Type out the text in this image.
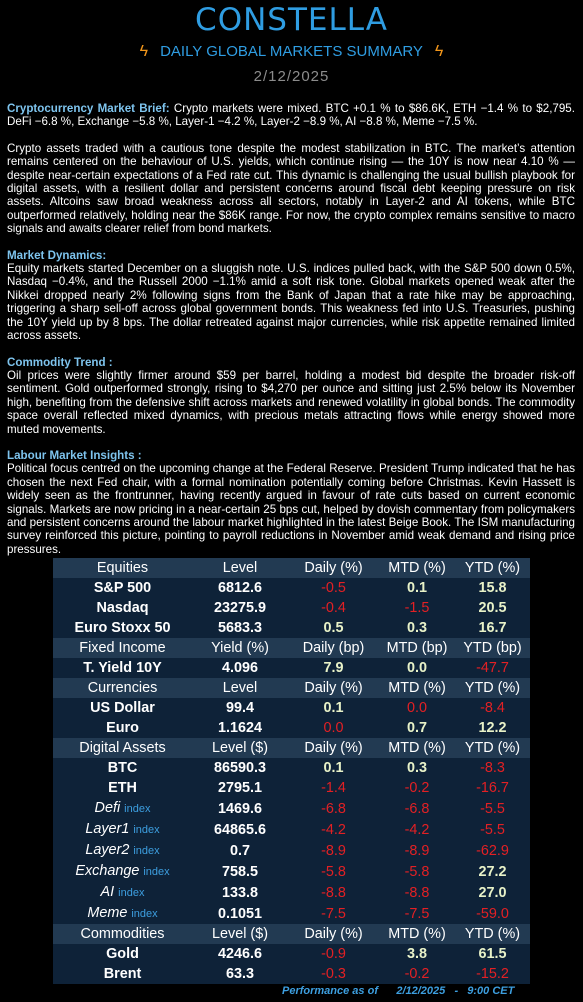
CONSTELLA
ϟ DAILY GLOBAL MARKETS SUMMARY ϟ
2/12/2025
Cryptocurrency Market Brief: Crypto markets were mixed. BTC +0.1 % to $86.6K, ETH −1.4 % to $2,795. DeFi −6.8 %, Exchange −5.8 %, Layer-1 −4.2 %, Layer-2 −8.9 %, AI −8.8 %, Meme −7.5 %.
Crypto assets traded with a cautious tone despite the modest stabilization in BTC. The market’s attention remains centered on the behaviour of U.S. yields, which continue rising — the 10Y is now near 4.10 % — despite near-certain expectations of a Fed rate cut. This dynamic is challenging the usual bullish playbook for digital assets, with a resilient dollar and persistent concerns around fiscal debt keeping pressure on risk assets. Altcoins saw broad weakness across all sectors, notably in Layer-2 and AI tokens, while BTC outperformed relatively, holding near the $86K range. For now, the crypto complex remains sensitive to macro signals and awaits clearer relief from bond markets.
Market Dynamics:
Equity markets started December on a sluggish note. U.S. indices pulled back, with the S&P 500 down 0.5%, Nasdaq −0.4%, and the Russell 2000 −1.1% amid a soft risk tone. Global markets opened weak after the Nikkei dropped nearly 2% following signs from the Bank of Japan that a rate hike may be approaching, triggering a sharp sell-off across global government bonds. This weakness fed into U.S. Treasuries, pushing the 10Y yield up by 8 bps. The dollar retreated against major currencies, while risk appetite remained limited across assets.
Commodity Trend :
Oil prices were slightly firmer around $59 per barrel, holding a modest bid despite the broader risk-off sentiment. Gold outperformed strongly, rising to $4,270 per ounce and sitting just 2.5% below its November high, benefiting from the defensive shift across markets and renewed volatility in global bonds. The commodity space overall reflected mixed dynamics, with precious metals attracting flows while energy showed more muted movements.
Labour Market Insights :
Political focus centred on the upcoming change at the Federal Reserve. President Trump indicated that he has chosen the next Fed chair, with a formal nomination potentially coming before Christmas. Kevin Hassett is widely seen as the frontrunner, having recently argued in favour of rate cuts based on current economic signals. Markets are now pricing in a near-certain 25 bps cut, helped by dovish commentary from policymakers and persistent concerns around the labour market highlighted in the latest Beige Book. The ISM manufacturing survey reinforced this picture, pointing to payroll reductions in November amid weak demand and rising price pressures.
Equities	Level	Daily (%)	MTD (%)	YTD (%)
S&P 500	6812.6	-0.5	0.1	15.8
Nasdaq	23275.9	-0.4	-1.5	20.5
Euro Stoxx 50	5683.3	0.5	0.3	16.7
Fixed Income	Yield (%)	Daily (bp)	MTD (bp)	YTD (bp)
T. Yield 10Y	4.096	7.9	0.0	-47.7
Currencies	Level	Daily (%)	MTD (%)	YTD (%)
US Dollar	99.4	0.1	0.0	-8.4
Euro	1.1624	0.0	0.7	12.2
Digital Assets	Level ($)	Daily (%)	MTD (%)	YTD (%)
BTC	86590.3	0.1	0.3	-8.3
ETH	2795.1	-1.4	-0.2	-16.7
Defi index	1469.6	-6.8	-6.8	-5.5
Layer1 index	64865.6	-4.2	-4.2	-5.5
Layer2 index	0.7	-8.9	-8.9	-62.9
Exchange index	758.5	-5.8	-5.8	27.2
AI index	133.8	-8.8	-8.8	27.0
Meme index	0.1051	-7.5	-7.5	-59.0
Commodities	Level ($)	Daily (%)	MTD (%)	YTD (%)
Gold	4246.6	-0.9	3.8	61.5
Brent	63.3	-0.3	-0.2	-15.2
Performance as of 2/12/2025 - 9:00 CET
